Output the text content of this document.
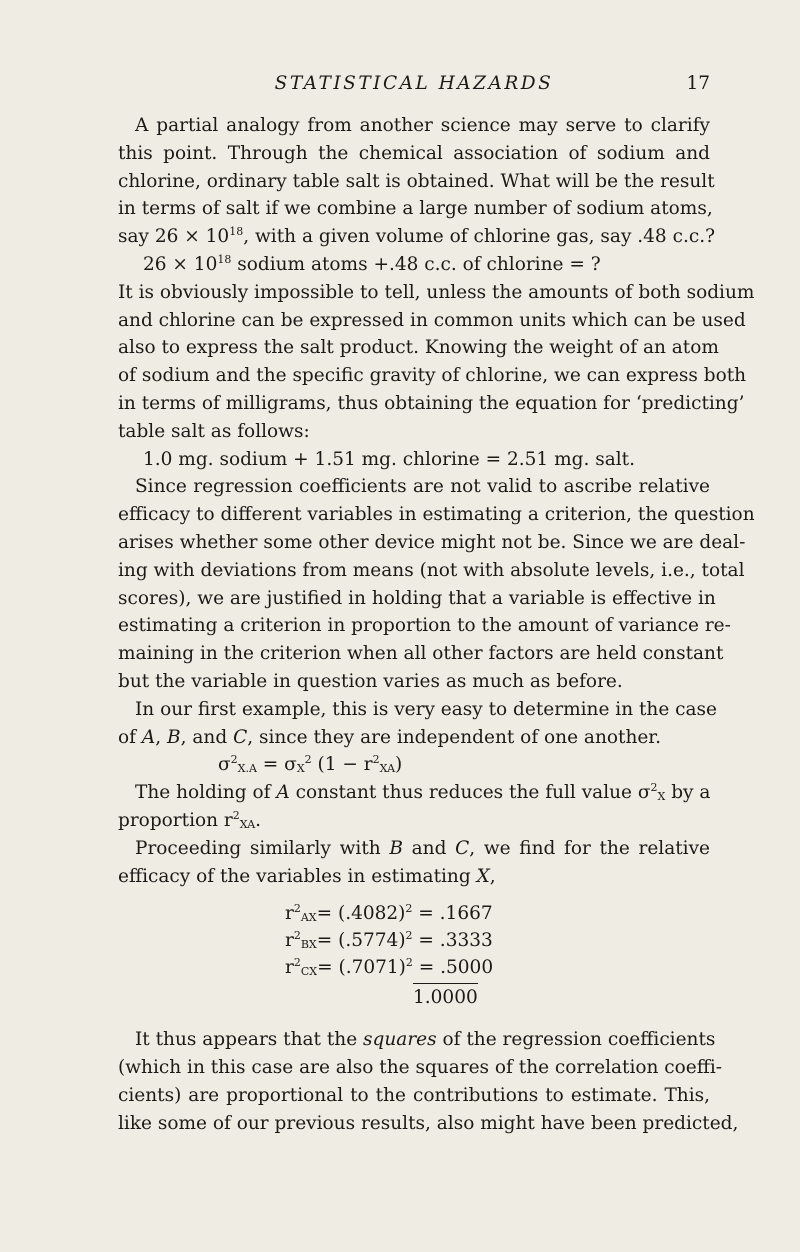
STATISTICAL HAZARDS	17
A partial analogy from another science may serve to clarify
this point. Through the chemical association of sodium and
chlorine, ordinary table salt is obtained. What will be the result
in terms of salt if we combine a large number of sodium atoms,
say $26 \times 10^{18}$, with a given volume of chlorine gas, say .48 c.c.?
$26 \times 10^{18}$ sodium atoms +.48 c.c. of chlorine = ?
It is obviously impossible to tell, unless the amounts of both sodium
and chlorine can be expressed in common units which can be used
also to express the salt product. Knowing the weight of an atom
of sodium and the specific gravity of chlorine, we can express both
in terms of milligrams, thus obtaining the equation for ‘predicting’
table salt as follows:
1.0 mg. sodium + 1.51 mg. chlorine = 2.51 mg. salt.
Since regression coefficients are not valid to ascribe relative
efficacy to different variables in estimating a criterion, the question
arises whether some other device might not be. Since we are deal-
ing with deviations from means (not with absolute levels, i.e., total
scores), we are justified in holding that a variable is effective in
estimating a criterion in proportion to the amount of variance re-
maining in the criterion when all other factors are held constant
but the variable in question varies as much as before.
In our first example, this is very easy to determine in the case
of A, B, and C, since they are independent of one another.
$\sigma^2X.A = \sigma X^2$ $(1 - r^2XA)$
The holding of A constant thus reduces the full value $\sigma^2X$ by a
proportion $r^2XA$.
Proceeding similarly with B and C, we find for the relative
efficacy of the variables in estimating X,
$r^2AX= (.4082)^2 = .1667$
$r^2BX= (.5774)^2 = .3333$
$r^2CX= (.7071)^2 = .5000$
1.0000
It thus appears that the squares of the regression coefficients
(which in this case are also the squares of the correlation coeffi-
cients) are proportional to the contributions to estimate. This,
like some of our previous results, also might have been predicted,
